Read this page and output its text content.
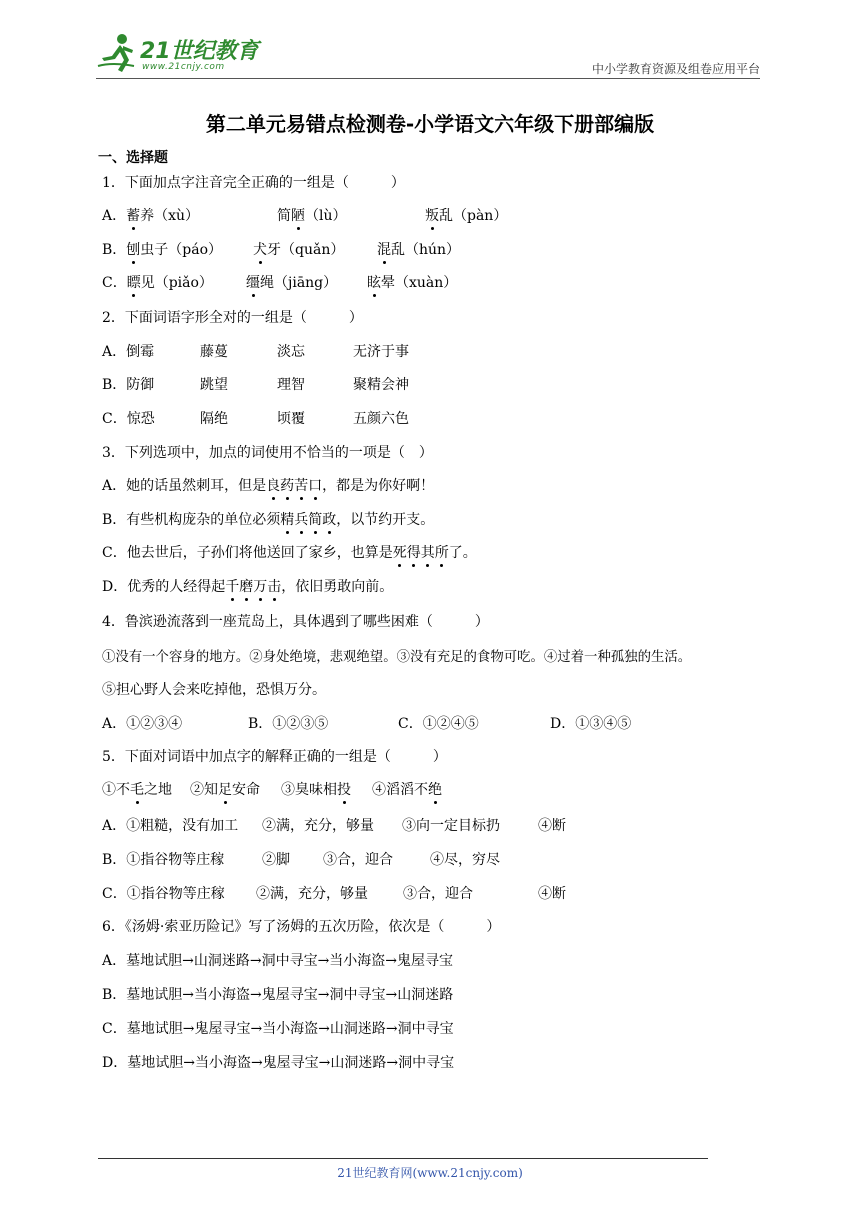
21世纪教育
www.21cnjy.com	中小学教育资源及组卷应用平台
第二单元易错点检测卷-小学语文六年级下册部编版
一、选择题
1．下面加点字注音完全正确的一组是（　　　）
A．蓄养（xù）	简陋（lù）	叛乱（pàn）
B．刨虫子（páo） 犬牙（quǎn） 混乱（hún）
C．瞟见（piǎo） 缰绳（jiāng） 眩晕（xuàn）
2．下面词语字形全对的一组是（　　　）
A．倒霉	藤蔓	淡忘	无济于事
B．防御	跳望	理智	聚精会神
C．惊恐	隔绝	顷覆	五颜六色
3．下列选项中，加点的词使用不恰当的一项是（　）
A．她的话虽然刺耳，但是良药苦口，都是为你好啊！
B．有些机构庞杂的单位必须精兵简政，以节约开支。
C．他去世后，子孙们将他送回了家乡，也算是死得其所了。
D．优秀的人经得起千磨万击，依旧勇敢向前。
4．鲁滨逊流落到一座荒岛上，具体遇到了哪些困难（　　　）
①没有一个容身的地方。②身处绝境，悲观绝望。③没有充足的食物可吃。④过着一种孤独的生活。
⑤担心野人会来吃掉他，恐惧万分。
A．①②③④	B．①②③⑤	C．①②④⑤	D．①③④⑤
5．下面对词语中加点字的解释正确的一组是（　　　）
①不毛之地 ②知足安命 ③臭味相投 ④滔滔不绝
A．①粗糙，没有加工 ②满，充分，够量 ③向一定目标扔	④断
B．①指谷物等庄稼	②脚 ③合，迎合	④尽，穷尽
C．①指谷物等庄稼 ②满，充分，够量	③合，迎合	④断
6．《汤姆·索亚历险记》写了汤姆的五次历险，依次是（　　　）
A．墓地试胆→山洞迷路→洞中寻宝→当小海盗→鬼屋寻宝
B．墓地试胆→当小海盗→鬼屋寻宝→洞中寻宝→山洞迷路
C．墓地试胆→鬼屋寻宝→当小海盗→山洞迷路→洞中寻宝
D．墓地试胆→当小海盗→鬼屋寻宝→山洞迷路→洞中寻宝
21世纪教育网(www.21cnjy.com)
